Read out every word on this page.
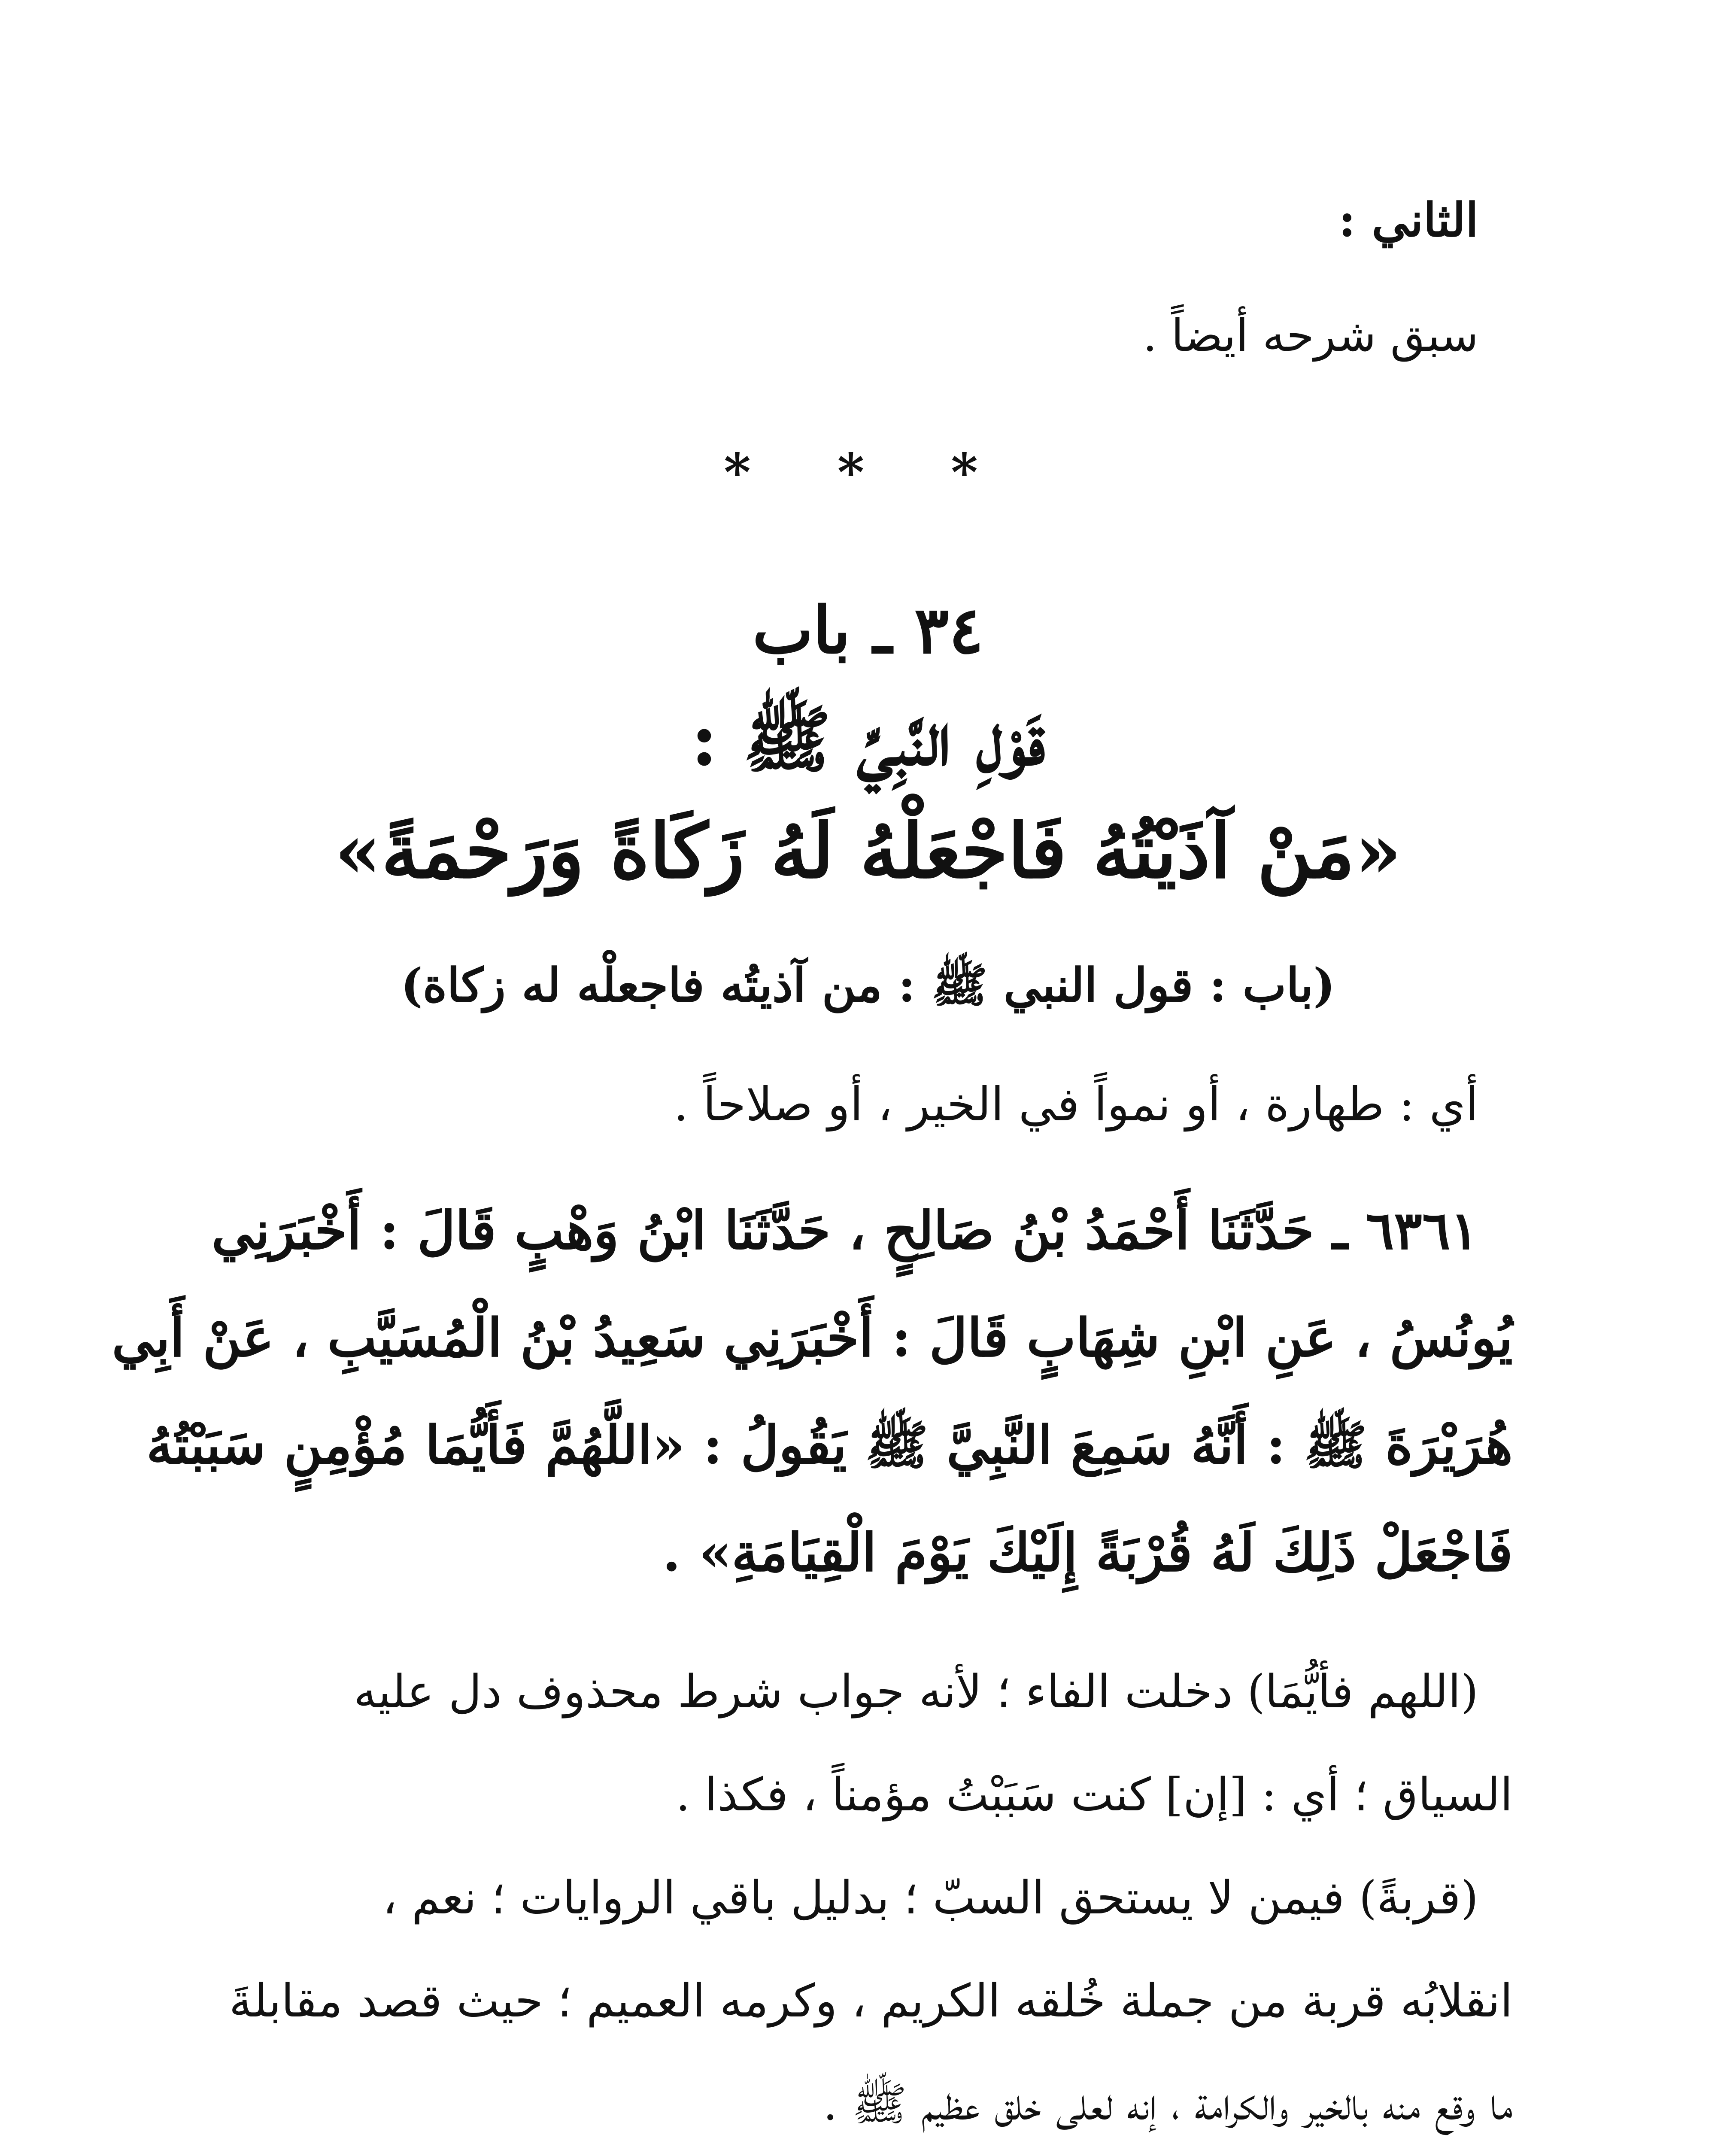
الثاني :
سبق شرحه أيضاً .
* * *
٣٤ ـ باب
قَوْلِ النَّبِيِّ ﷺ :
«مَنْ آذَيْتُهُ فَاجْعَلْهُ لَهُ زَكَاةً وَرَحْمَةً»
(باب : قول النبي ﷺ : من آذيتُه فاجعلْه له زكاة)
أي : طهارة ، أو نمواً في الخير ، أو صلاحاً .
٦٣٦١ ـ حَدَّثَنَا أَحْمَدُ بْنُ صَالِحٍ ، حَدَّثَنَا ابْنُ وَهْبٍ قَالَ : أَخْبَرَنِي
يُونُسُ ، عَنِ ابْنِ شِهَابٍ قَالَ : أَخْبَرَنِي سَعِيدُ بْنُ الْمُسَيَّبِ ، عَنْ أَبِي
هُرَيْرَةَ ﷺ : أَنَّهُ سَمِعَ النَّبِيَّ ﷺ يَقُولُ : «اللَّهُمَّ فَأَيُّمَا مُؤْمِنٍ سَبَبْتُهُ
فَاجْعَلْ ذَلِكَ لَهُ قُرْبَةً إِلَيْكَ يَوْمَ الْقِيَامَةِ» .
(اللهم فأيُّمَا) دخلت الفاء ؛ لأنه جواب شرط محذوف دل عليه
السياق ؛ أي : [إن] كنت سَبَبْتُ مؤمناً ، فكذا .
(قربةً) فيمن لا يستحق السبّ ؛ بدليل باقي الروايات ؛ نعم ،
انقلابُه قربة من جملة خُلقه الكريم ، وكرمه العميم ؛ حيث قصد مقابلةَ
ما وقع منه بالخير والكرامة ، إنه لعلى خلق عظيم ﷺ .
